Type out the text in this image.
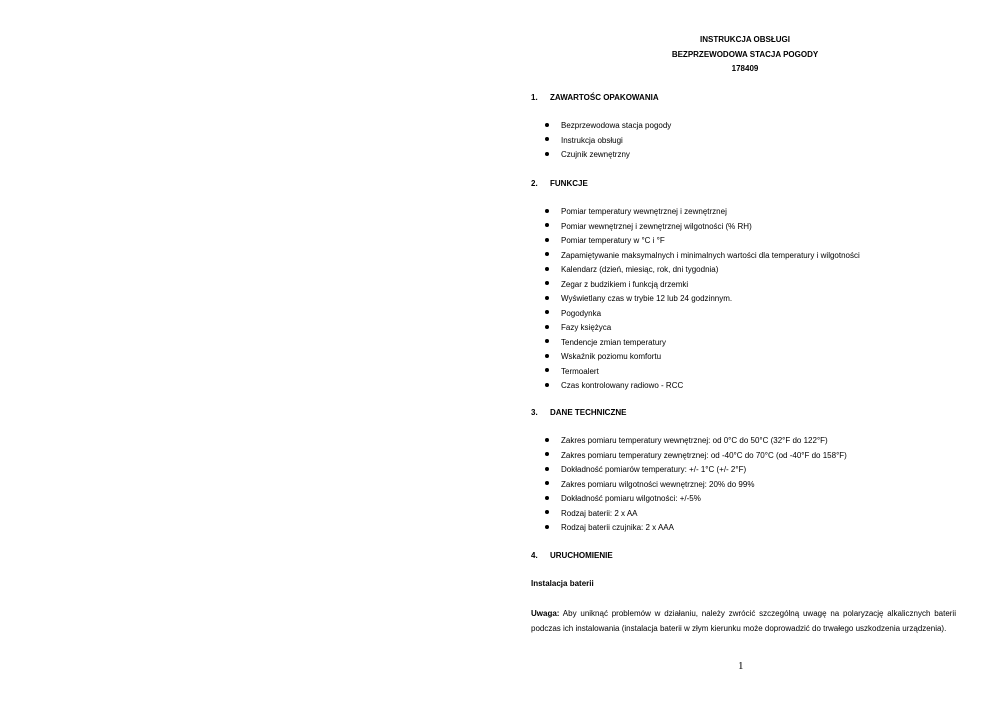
INSTRUKCJA OBSŁUGI
BEZPRZEWODOWA STACJA POGODY
178409
1. ZAWARTOŚC OPAKOWANIA
Bezprzewodowa stacja pogody
Instrukcja obsługi
Czujnik zewnętrzny
2. FUNKCJE
Pomiar temperatury wewnętrznej i zewnętrznej
Pomiar wewnętrznej i zewnętrznej wilgotności (% RH)
Pomiar temperatury w °C i °F
Zapamiętywanie maksymalnych i minimalnych wartości dla temperatury i wilgotności
Kalendarz (dzień, miesiąc, rok, dni tygodnia)
Zegar z budzikiem i funkcją drzemki
Wyświetlany czas w trybie 12 lub 24 godzinnym.
Pogodynka
Fazy księżyca
Tendencje zmian temperatury
Wskaźnik poziomu komfortu
Termoalert
Czas kontrolowany radiowo - RCC
3. DANE TECHNICZNE
Zakres pomiaru temperatury wewnętrznej: od 0°C do 50°C (32°F do 122°F)
Zakres pomiaru temperatury zewnętrznej: od -40°C do 70°C (od -40°F do 158°F)
Dokładność pomiarów temperatury: +/- 1°C (+/- 2°F)
Zakres pomiaru wilgotności wewnętrznej: 20% do 99%
Dokładność pomiaru wilgotności: +/-5%
Rodzaj baterii: 2 x AA
Rodzaj baterii czujnika: 2 x AAA
4. URUCHOMIENIE
Instalacja baterii
Uwaga: Aby uniknąć problemów w działaniu, należy zwrócić szczególną uwagę na polaryzację alkalicznych baterii podczas ich instalowania (instalacja baterii w złym kierunku może doprowadzić do trwałego uszkodzenia urządzenia).
1
